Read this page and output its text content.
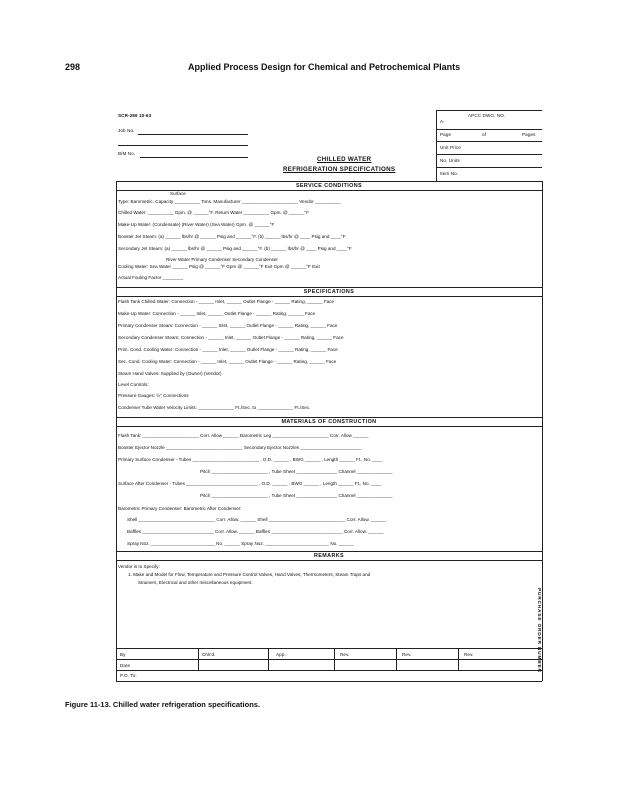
298	Applied Process Design for Chemical and Petrochemical Plants
SCR-286 10-63
Job No.
B/M No.
APCC DWG. NO.
A-
Page	of	Pages
Unit Price
No. Units
Item No.
CHILLED WATER
REFRIGERATION SPECIFICATIONS
SERVICE CONDITIONS
Surface
Type: Barometric. Capacity __________ Tons. Manufacturer ______________________ Vendor __________
Chilled Water: __________ Gpm. @ ______°F. Return Water __________ Gpm. @ ______°F
Make-Up Water: (Condensate) (River Water) (Sea Water) Gpm. @ ______°F
Booster Jet Steam: (a) ______ lbs/hr @ ______ Psig and ______°F. (b) ______ lbs/hr @ ____ Psig and ____°F
Secondary Jet Steam: (a) ______ lbs/hr @ ______ Psig and ______°F. (b) ______ lbs/hr @ ____ Psig and ____°F
River Water Primary Condenser Secondary Condenser
Cooling Water: Sea Water ______ Psig @ ______°F Gpm @ ______°F Exit Gpm @ ______°F Exit
Actual Fouling Factor ________
SPECIFICATIONS
Flash Tank Chilled Water: Connection - ______ Inlet, ______ Outlet Flange - ______ Rating, ______ Face
Make-Up Water: Connection - ______ Inlet, ______ Outlet Flange - ______ Rating, ______ Face
Primary Condenser Steam: Connection - ______ Inlet, ______ Outlet Flange - ______ Rating, ______ Face
Secondary Condenser Steam: Connection - ______ Inlet, ______ Outlet Flange - ______ Rating, ______ Face
Prim. Cond. Cooling Water: Connection - ______ Inlet, ______ Outlet Flange - ______ Rating, ______ Face
Sec. Cond. Cooling Water: Connection - ______ Inlet, ______ Outlet Flange - ______ Rating, ______ Face
Steam Hand Valves. Supplied by (Owner) (Vendor)
Level Controls:
Pressure Gauges: ½" Connections
Condenser Tube Water Velocity Limits: ______________ Ft./Sec. to ______________ Ft./Sec.
MATERIALS OF CONSTRUCTION
Flash Tank: ______________________ Corr. Allow ______ Barometric Leg ______________________ Corr. Allow ______
Booster Ejector Nozzle ______________________________ Secondary Ejector Nozzles ________________________
Primary Surface Condenser - Tubes __________________________ , O.D. ______ , BWG ______ , Length ______ Ft., No. ____
Pitch ______________________ , Tube Sheet ________________ Channel ______________
Surface After Condenser - Tubes ____________________________ , O.D. ______ , BWG ______ , Length ______ Ft., No. ____
Pitch ______________________ , Tube Sheet ________________ Channel ______________
Barometric Primary Condenser: Barometric After Condenser:
Shell ______________________________ Corr. Allow. ______ Shell ______________________________ Corr. Allow. ______
Baffles ____________________________ Corr. Allow. ______ Baffles ____________________________ Corr. Allow. ______
Spray Noz. _________________________ No. ______ Spray Noz. _________________________ No. ______
REMARKS
Vendor is to Specify:
1. Make and Model for Flow, Temperature and Pressure Control Valves, Hand Valves, Thermometers, Steam Traps and
Strainers, Electrical and other miscellaneous equipment.
By	Chk'd.	App.	Rev.	Rev.	Rev.
Date
P.O. To:
PURCHASE ORDER NUMBER
Figure 11-13. Chilled water refrigeration specifications.
